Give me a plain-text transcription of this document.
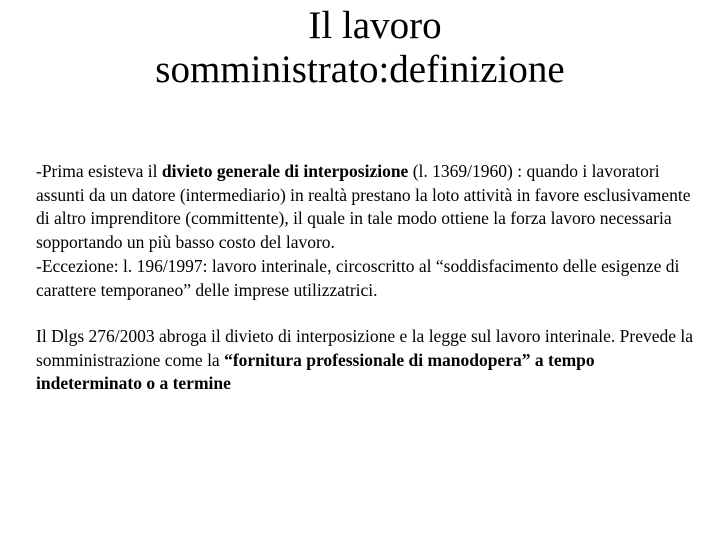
Il lavoro
somministrato:definizione

-Prima esisteva il divieto generale di interposizione (l. 1369/1960) : quando i lavoratori assunti da un datore (intermediario) in realtà prestano la loto attività in favore esclusivamente di altro imprenditore (committente), il quale in tale modo ottiene la forza lavoro necessaria sopportando un più basso costo del lavoro.

-Eccezione: l. 196/1997: lavoro interinale, circoscritto al “soddisfacimento delle esigenze di carattere temporaneo” delle imprese utilizzatrici.

Il Dlgs 276/2003 abroga il divieto di interposizione e la legge sul lavoro interinale. Prevede la somministrazione come la “fornitura professionale di manodopera” a tempo indeterminato o a termine
